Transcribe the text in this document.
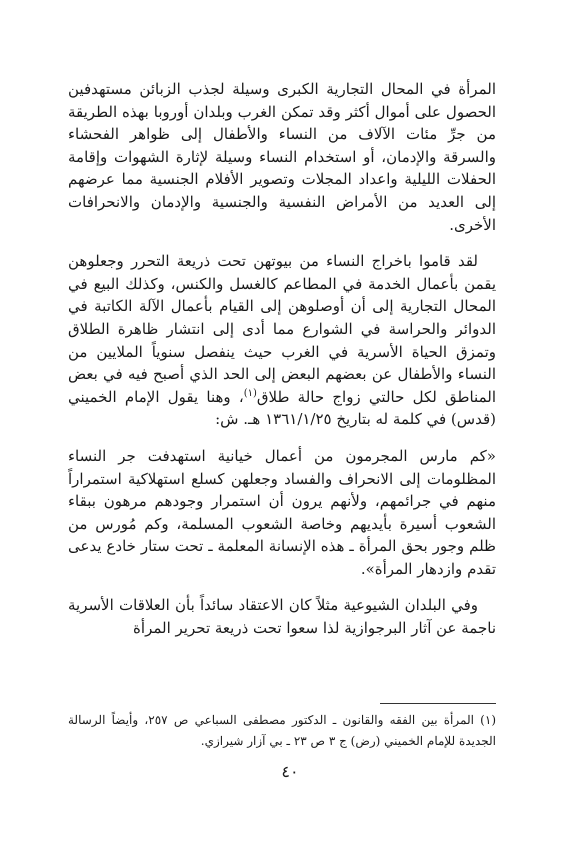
المرأة في المحال التجارية الكبرى وسيلة لجذب الزبائن مستهدفين الحصول على أموال أكثر وقد تمكن الغرب وبلدان أوروبا بهذه الطريقة من جرِّ مئات الآلاف من النساء والأطفال إلى ظواهر الفحشاء والسرقة والإدمان، أو استخدام النساء وسيلة لإثارة الشهوات وإقامة الحفلات الليلية واعداد المجلات وتصوير الأفلام الجنسية مما عرضهم إلى العديد من الأمراض النفسية والجنسية والإدمان والانحرافات الأخرى.

لقد قاموا باخراج النساء من بيوتهن تحت ذريعة التحرر وجعلوهن يقمن بأعمال الخدمة في المطاعم كالغسل والكنس، وكذلك البيع في المحال التجارية إلى أن أوصلوهن إلى القيام بأعمال الآلة الكاتبة في الدوائر والحراسة في الشوارع مما أدى إلى انتشار ظاهرة الطلاق وتمزق الحياة الأسرية في الغرب حيث ينفصل سنوياً الملايين من النساء والأطفال عن بعضهم البعض إلى الحد الذي أصبح فيه في بعض المناطق لكل حالتي زواج حالة طلاق$^{(١)}$، وهنا يقول الإمام الخميني (قدس) في كلمة له بتاريخ ١٣٦١/١/٢٥ هـ. ش:

«كم مارس المجرمون من أعمال خيانية استهدفت جر النساء المظلومات إلى الانحراف والفساد وجعلهن كسلع استهلاكية استمراراً منهم في جرائمهم، ولأنهم يرون أن استمرار وجودهم مرهون ببقاء الشعوب أسيرة بأيديهم وخاصة الشعوب المسلمة، وكم مُورس من ظلم وجور بحق المرأة ـ هذه الإنسانة المعلمة ـ تحت ستار خادع يدعى تقدم وازدهار المرأة».

وفي البلدان الشيوعية مثلاً كان الاعتقاد سائداً بأن العلاقات الأسرية ناجمة عن آثار البرجوازية لذا سعوا تحت ذريعة تحرير المرأة

(١) المرأة بين الفقه والقانون ـ الدكتور مصطفى السباعي ص ٢٥٧، وأيضاً الرسالة الجديدة للإمام الخميني (رض) ج ٣ ص ٢٣ ـ بي آزار شيرازي.
٤٠
